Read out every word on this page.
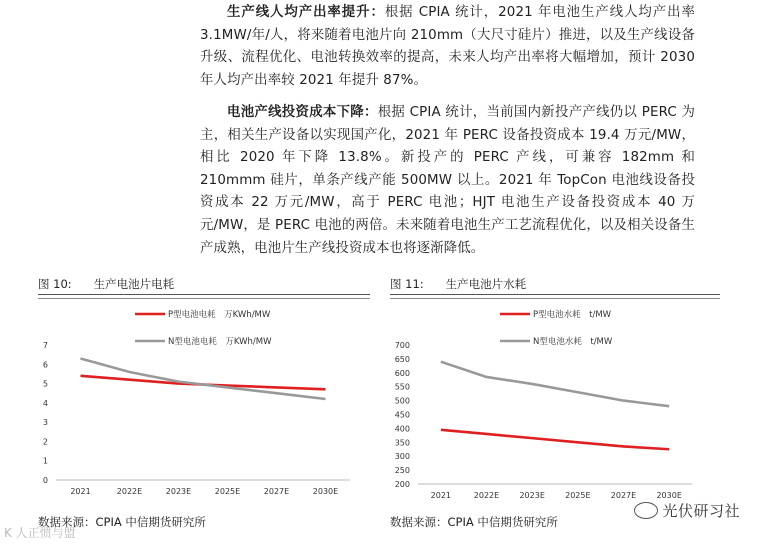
生产线人均产出率提升：根据 CPIA 统计，2021 年电池生产线人均产出率 3.1MW/年/人，将来随着电池片向 210mm（大尺寸硅片）推进，以及生产线设备升级、流程优化、电池转换效率的提高，未来人均产出率将大幅增加，预计 2030 年人均产出率较 2021 年提升 87%。

电池产线投资成本下降：根据 CPIA 统计，当前国内新投产产线仍以 PERC 为主，相关生产设备以实现国产化，2021 年 PERC 设备投资成本 19.4 万元/MW，相比 2020 年下降 13.8%。新投产的 PERC 产线，可兼容 182mm 和 210mmm 硅片，单条产线产能 500MW 以上。2021 年 TopCon 电池线设备投资成本 22 万元/MW，高于 PERC 电池；HJT 电池生产设备投资成本 40 万元/MW，是 PERC 电池的两倍。未来随着电池生产工艺流程优化，以及相关设备生产成熟，电池片生产线投资成本也将逐渐降低。

图 10: 生产电池片电耗	图 11: 生产电池片水耗
0
1
2
3
4
5
6
7
2021	2022E	2023E	2025E	2027E	2030E
P型电池电耗　万KWh/MW
N型电池电耗　万KWh/MW
200
250
300
350
400
450
500
550
600
650
700
2021	2022E	2023E	2025E	2027E	2030E
P型电池水耗　t/MW
N型电池水耗　t/MW
数据来源：CPIA 中信期货研究所	数据来源：CPIA 中信期货研究所
光伏研习社
K 人正惯与盟
